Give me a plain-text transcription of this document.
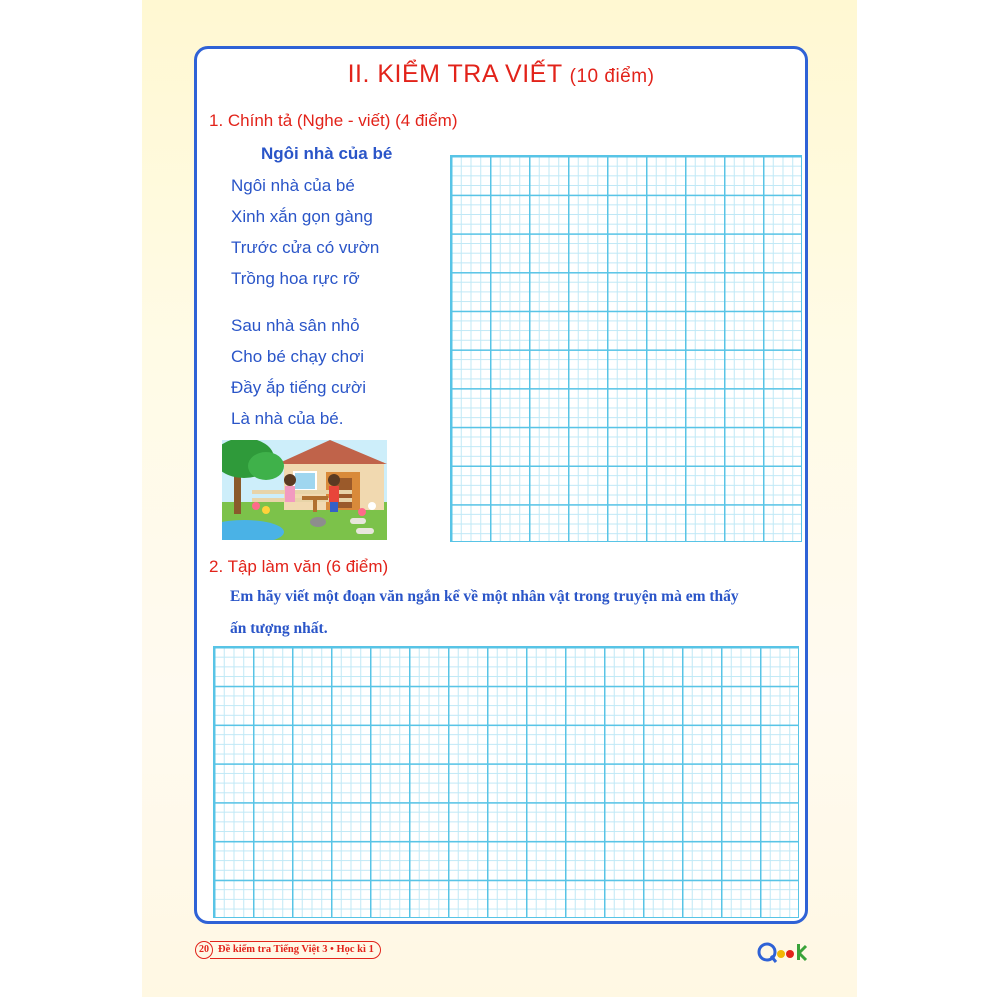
II. KIỂM TRA VIẾT (10 điểm)
1. Chính tả (Nghe - viết) (4 điểm)
Ngôi nhà của bé
Ngôi nhà của bé
Xinh xắn gọn gàng
Trước cửa có vườn
Trồng hoa rực rỡ
Sau nhà sân nhỏ
Cho bé chạy chơi
Đầy ắp tiếng cười
Là nhà của bé.
2. Tập làm văn (6 điểm)
Em hãy viết một đoạn văn ngắn kể về một nhân vật trong truyện mà em thấy
ấn tượng nhất.
20 Đề kiểm tra Tiếng Việt 3 • Học kì 1
